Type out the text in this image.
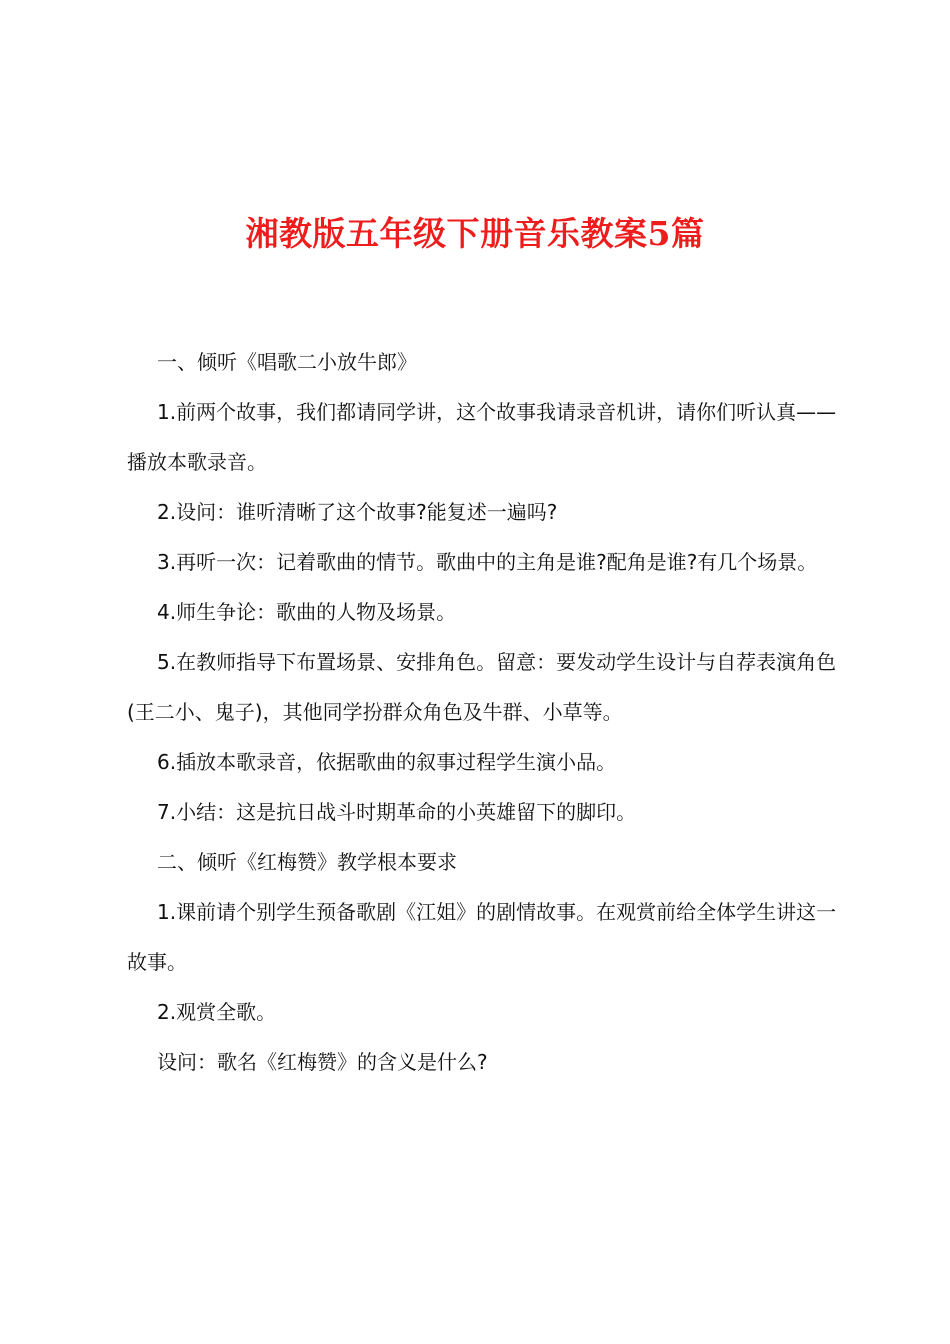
湘教版五年级下册音乐教案5篇

一、倾听《唱歌二小放牛郎》

1.前两个故事，我们都请同学讲，这个故事我请录音机讲，请你们听认真——播放本歌录音。

2.设问：谁听清晰了这个故事?能复述一遍吗?

3.再听一次：记着歌曲的情节。歌曲中的主角是谁?配角是谁?有几个场景。

4.师生争论：歌曲的人物及场景。

5.在教师指导下布置场景、安排角色。留意：要发动学生设计与自荐表演角色(王二小、鬼子)，其他同学扮群众角色及牛群、小草等。

6.插放本歌录音，依据歌曲的叙事过程学生演小品。

7.小结：这是抗日战斗时期革命的小英雄留下的脚印。

二、倾听《红梅赞》教学根本要求

1.课前请个别学生预备歌剧《江姐》的剧情故事。在观赏前给全体学生讲这一故事。

2.观赏全歌。

设问：歌名《红梅赞》的含义是什么?
